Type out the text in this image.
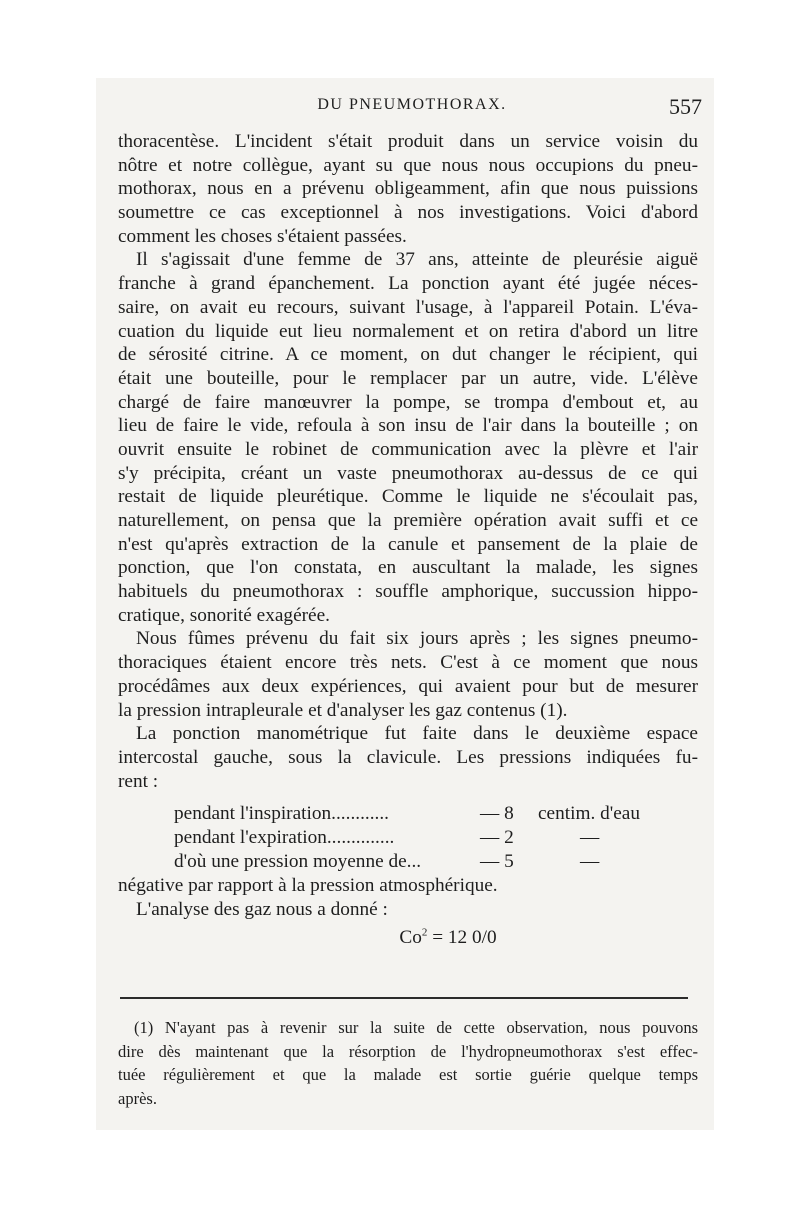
DU PNEUMOTHORAX.	557
thoracentèse. L'incident s'était produit dans un service voisin du
nôtre et notre collègue, ayant su que nous nous occupions du pneu-
mothorax, nous en a prévenu obligeamment, afin que nous puissions
soumettre ce cas exceptionnel à nos investigations. Voici d'abord
comment les choses s'étaient passées.
Il s'agissait d'une femme de 37 ans, atteinte de pleurésie aiguë
franche à grand épanchement. La ponction ayant été jugée néces-
saire, on avait eu recours, suivant l'usage, à l'appareil Potain. L'éva-
cuation du liquide eut lieu normalement et on retira d'abord un litre
de sérosité citrine. A ce moment, on dut changer le récipient, qui
était une bouteille, pour le remplacer par un autre, vide. L'élève
chargé de faire manœuvrer la pompe, se trompa d'embout et, au
lieu de faire le vide, refoula à son insu de l'air dans la bouteille ; on
ouvrit ensuite le robinet de communication avec la plèvre et l'air
s'y précipita, créant un vaste pneumothorax au-dessus de ce qui
restait de liquide pleurétique. Comme le liquide ne s'écoulait pas,
naturellement, on pensa que la première opération avait suffi et ce
n'est qu'après extraction de la canule et pansement de la plaie de
ponction, que l'on constata, en auscultant la malade, les signes
habituels du pneumothorax : souffle amphorique, succussion hippo-
cratique, sonorité exagérée.
Nous fûmes prévenu du fait six jours après ; les signes pneumo-
thoraciques étaient encore très nets. C'est à ce moment que nous
procédâmes aux deux expériences, qui avaient pour but de mesurer
la pression intrapleurale et d'analyser les gaz contenus (1).
La ponction manométrique fut faite dans le deuxième espace
intercostal gauche, sous la clavicule. Les pressions indiquées fu-
rent :
pendant l'inspiration............	— 8 centim. d'eau
pendant l'expiration..............	— 2	—
d'où une pression moyenne de...	— 5	—
négative par rapport à la pression atmosphérique.
L'analyse des gaz nous a donné :
$Co^2 = 12$ 0/0
(1) N'ayant pas à revenir sur la suite de cette observation, nous pouvons
dire dès maintenant que la résorption de l'hydropneumothorax s'est effec-
tuée régulièrement et que la malade est sortie guérie quelque temps
après.
